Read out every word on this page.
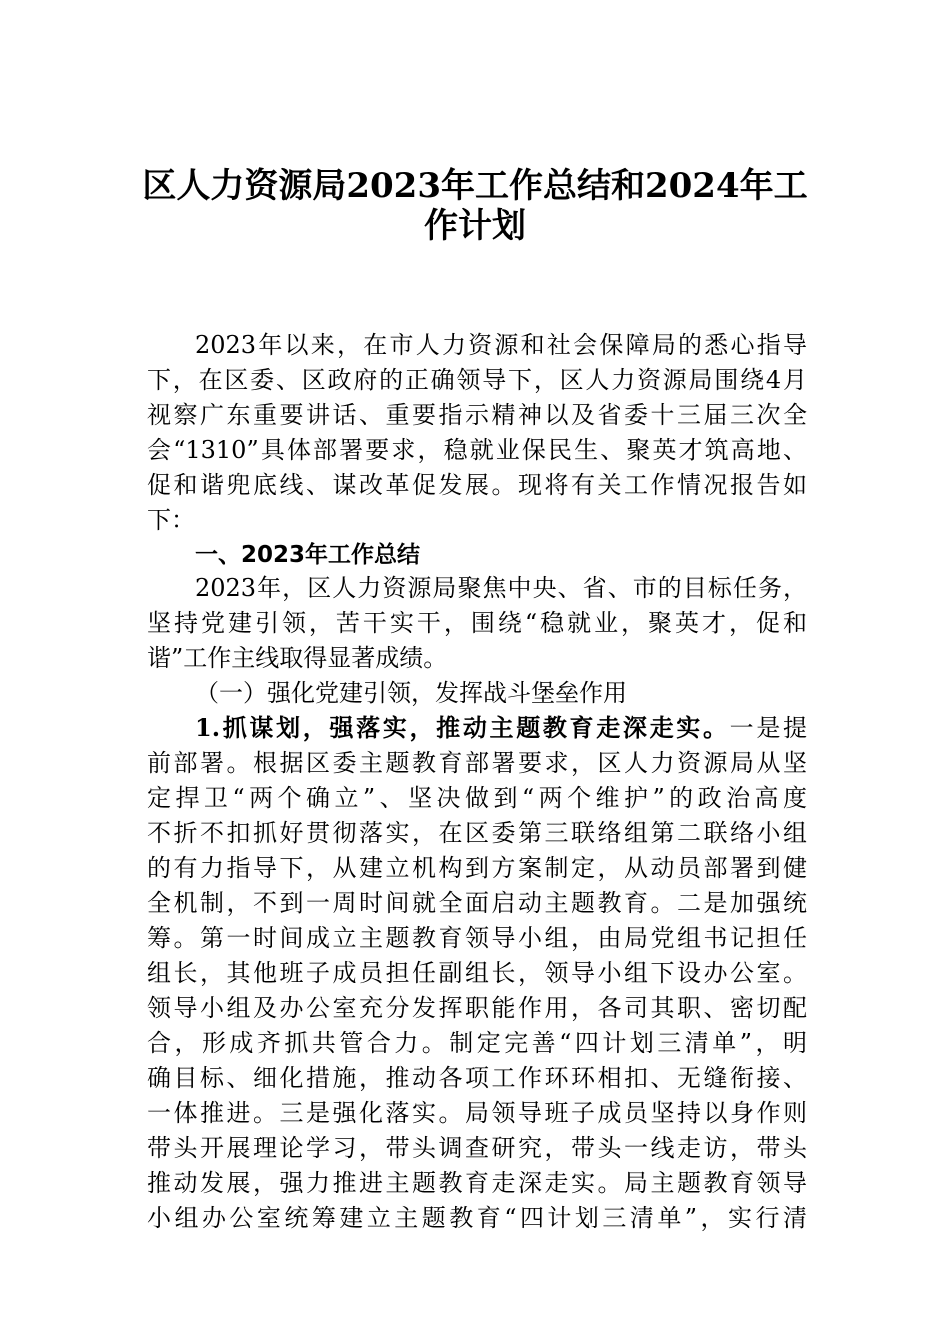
区人力资源局2023年工作总结和2024年工
作计划
2023年以来，在市人力资源和社会保障局的悉心指导
下，在区委、区政府的正确领导下，区人力资源局围绕4月
视察广东重要讲话、重要指示精神以及省委十三届三次全
会“1310”具体部署要求，稳就业保民生、聚英才筑高地、
促和谐兜底线、谋改革促发展。现将有关工作情况报告如
下：
一、2023年工作总结
2023年，区人力资源局聚焦中央、省、市的目标任务，
坚持党建引领，苦干实干，围绕“稳就业，聚英才，促和
谐”工作主线取得显著成绩。
（一）强化党建引领，发挥战斗堡垒作用
1.抓谋划，强落实，推动主题教育走深走实。一是提
前部署。根据区委主题教育部署要求，区人力资源局从坚
定捍卫“两个确立”、坚决做到“两个维护”的政治高度
不折不扣抓好贯彻落实，在区委第三联络组第二联络小组
的有力指导下，从建立机构到方案制定，从动员部署到健
全机制，不到一周时间就全面启动主题教育。二是加强统
筹。第一时间成立主题教育领导小组，由局党组书记担任
组长，其他班子成员担任副组长，领导小组下设办公室。
领导小组及办公室充分发挥职能作用，各司其职、密切配
合，形成齐抓共管合力。制定完善“四计划三清单”，明
确目标、细化措施，推动各项工作环环相扣、无缝衔接、
一体推进。三是强化落实。局领导班子成员坚持以身作则
带头开展理论学习，带头调查研究，带头一线走访，带头
推动发展，强力推进主题教育走深走实。局主题教育领导
小组办公室统筹建立主题教育“四计划三清单”，实行清
